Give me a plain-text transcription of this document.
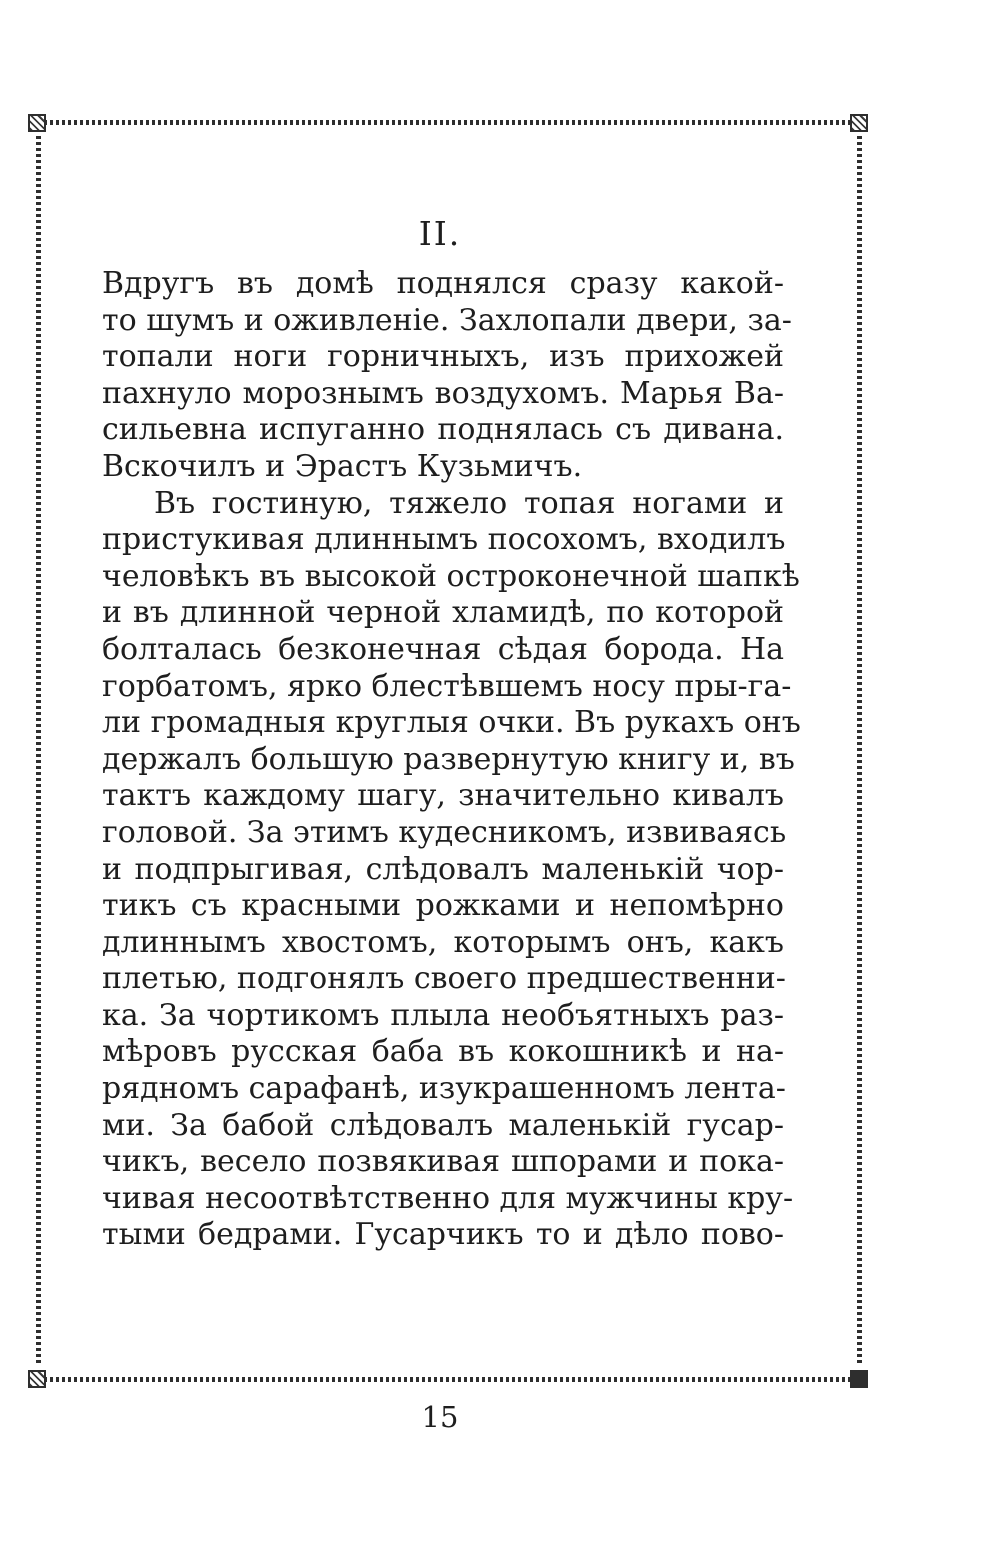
II.
Вдругъ въ домѣ поднялся сразу какой-
то шумъ и оживленіе. Захлопали двери, за-
топали ноги горничныхъ, изъ прихожей
пахнуло морознымъ воздухомъ. Марья Ва-
сильевна испуганно поднялась съ дивана.
Вскочилъ и Эрастъ Кузьмичъ.
Въ гостиную, тяжело топая ногами и
пристукивая длиннымъ посохомъ, входилъ
человѣкъ въ высокой остроконечной шапкѣ
и въ длинной черной хламидѣ, по которой
болталась безконечная сѣдая борода. На
горбатомъ, ярко блестѣвшемъ носу пры-га-
ли громадныя круглыя очки. Въ рукахъ онъ
держалъ большую развернутую книгу и, въ
тактъ каждому шагу, значительно кивалъ
головой. За этимъ кудесникомъ, извиваясь
и подпрыгивая, слѣдовалъ маленькій чор-
тикъ съ красными рожками и непомѣрно
длиннымъ хвостомъ, которымъ онъ, какъ
плетью, подгонялъ своего предшественни-
ка. За чортикомъ плыла необъятныхъ раз-
мѣровъ русская баба въ кокошникѣ и на-
рядномъ сарафанѣ, изукрашенномъ лента-
ми. За бабой слѣдовалъ маленькій гусар-
чикъ, весело позвякивая шпорами и пока-
чивая несоотвѣтственно для мужчины кру-
тыми бедрами. Гусарчикъ то и дѣло пово-
15
